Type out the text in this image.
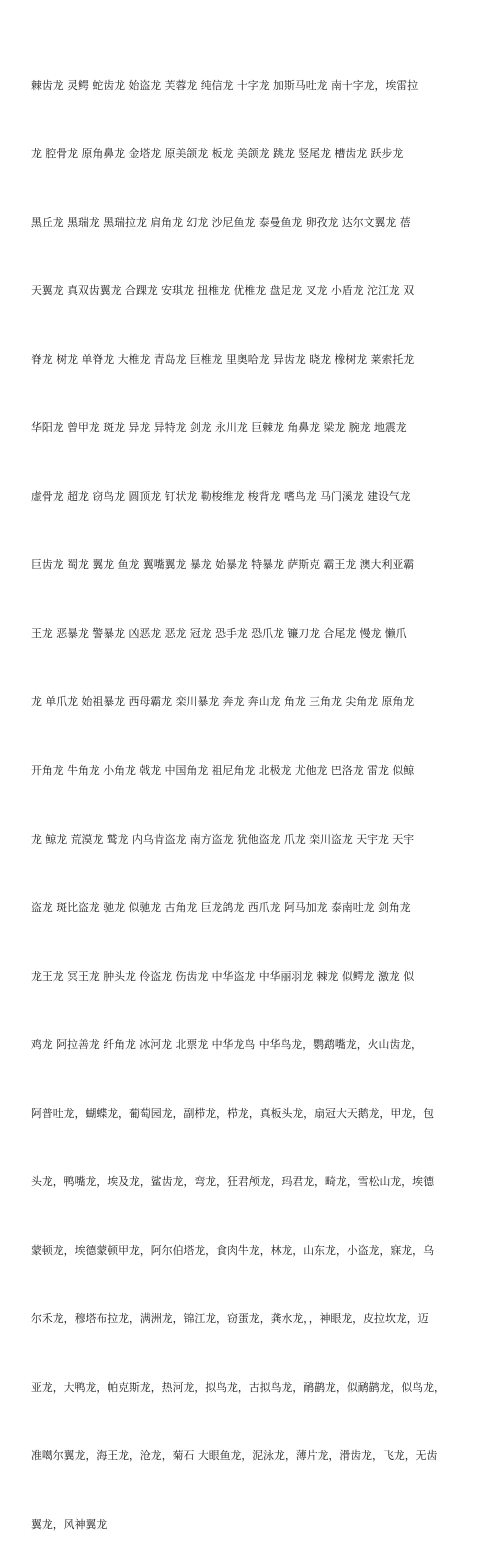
棘齿龙 灵鳄 蛇齿龙 始盗龙 芙蓉龙 纯信龙 十字龙 加斯马吐龙 南十字龙，埃雷拉

龙 腔骨龙 原角鼻龙 金塔龙 原美颌龙 板龙 美颌龙 跳龙 竖尾龙 槽齿龙 跃步龙

黑丘龙 黑瑞龙 黑瑞拉龙 肩角龙 幻龙 沙尼鱼龙 泰曼鱼龙 卵孜龙 达尔文翼龙 蓓

天翼龙 真双齿翼龙 合踝龙 安琪龙 扭椎龙 优椎龙 盘足龙 叉龙 小盾龙 沱江龙 双

脊龙 树龙 单脊龙 大椎龙 青岛龙 巨椎龙 里奥哈龙 异齿龙 晓龙 橡树龙 莱索托龙

华阳龙 曾甲龙 斑龙 异龙 异特龙 剑龙 永川龙 巨棘龙 角鼻龙 梁龙 腕龙 地震龙

虚骨龙 超龙 窃鸟龙 圆顶龙 钉状龙 勒梭维龙 梭背龙 嗜鸟龙 马门溪龙 建设气龙

巨齿龙 蜀龙 翼龙 鱼龙 翼嘴翼龙 暴龙 始暴龙 特暴龙 萨斯克 霸王龙 澳大利亚霸

王龙 恶暴龙 警暴龙 凶恶龙 恶龙 冠龙 恐手龙 恐爪龙 镰刀龙 合尾龙 慢龙 懒爪

龙 单爪龙 始祖暴龙 西母霸龙 栾川暴龙 奔龙 奔山龙 角龙 三角龙 尖角龙 原角龙

开角龙 牛角龙 小角龙 戟龙 中国角龙 祖尼角龙 北极龙 尤他龙 巴洛龙 雷龙 似鲸

龙 鲸龙 荒漠龙 鹫龙 内乌肯盗龙 南方盗龙 犹他盗龙 爪龙 栾川盗龙 天宇龙 天宇

盗龙 斑比盗龙 驰龙 似驰龙 古角龙 巨龙鸽龙 西爪龙 阿马加龙 泰南吐龙 剑角龙

龙王龙 冥王龙 肿头龙 伶盗龙 伤齿龙 中华盗龙 中华丽羽龙 棘龙 似鳄龙 激龙 似

鸡龙 阿拉善龙 纤角龙 冰河龙 北票龙 中华龙鸟 中华鸟龙，鹦鹉嘴龙，火山齿龙，

阿普吐龙，蝴蝶龙，葡萄园龙，副栉龙，栉龙，真板头龙，扇冠大天鹅龙，甲龙，包

头龙，鸭嘴龙，埃及龙，鲨齿龙，弯龙，狂君颅龙，玛君龙，畸龙，雪松山龙，埃德

蒙顿龙，埃德蒙顿甲龙，阿尔伯塔龙，食肉牛龙，林龙，山东龙，小盗龙，寐龙，乌

尔禾龙，穆塔布拉龙，满洲龙，锦江龙，窃蛋龙，龚水龙，，神眼龙，皮拉坎龙，迈

亚龙，大鸭龙，帕克斯龙，热河龙，拟鸟龙，古拟鸟龙，鸸鹋龙，似鸸鹋龙，似鸟龙，

准噶尔翼龙，海王龙，沧龙，菊石 大眼鱼龙，泥泳龙，薄片龙，滑齿龙，飞龙，无齿

翼龙，风神翼龙
